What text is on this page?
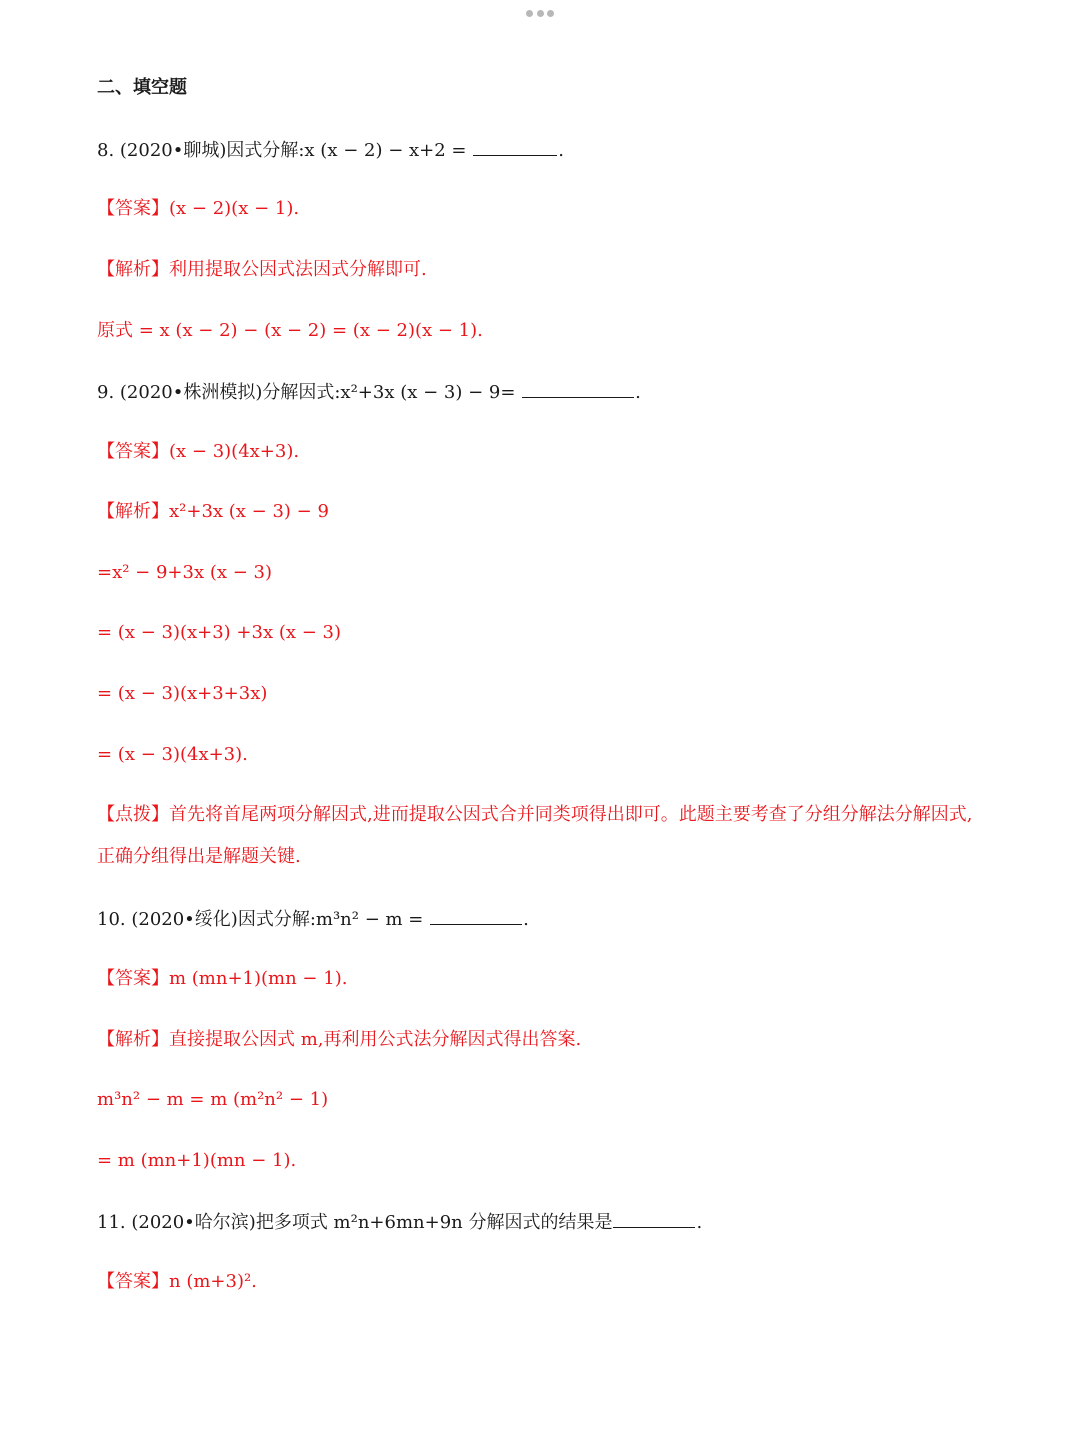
二、填空题
8. (2020•聊城)因式分解:x (x − 2) − x+2 =	.
【答案】(x − 2)(x − 1).
【解析】利用提取公因式法因式分解即可.
原式 = x (x − 2) − (x − 2) = (x − 2)(x − 1).
9. (2020•株洲模拟)分解因式:x²+3x (x − 3) − 9=	.
【答案】(x − 3)(4x+3).
【解析】x²+3x (x − 3) − 9
=x² − 9+3x (x − 3)
= (x − 3)(x+3) +3x (x − 3)
= (x − 3)(x+3+3x)
= (x − 3)(4x+3).
【点拨】首先将首尾两项分解因式,进而提取公因式合并同类项得出即可。此题主要考查了分组分解法分解因式,正确分组得出是解题关键.
10. (2020•绥化)因式分解:m³n² − m =	.
【答案】m (mn+1)(mn − 1).
【解析】直接提取公因式 m,再利用公式法分解因式得出答案.
m³n² − m = m (m²n² − 1)
= m (mn+1)(mn − 1).
11. (2020•哈尔滨)把多项式 m²n+6mn+9n 分解因式的结果是	.
【答案】n (m+3)².
